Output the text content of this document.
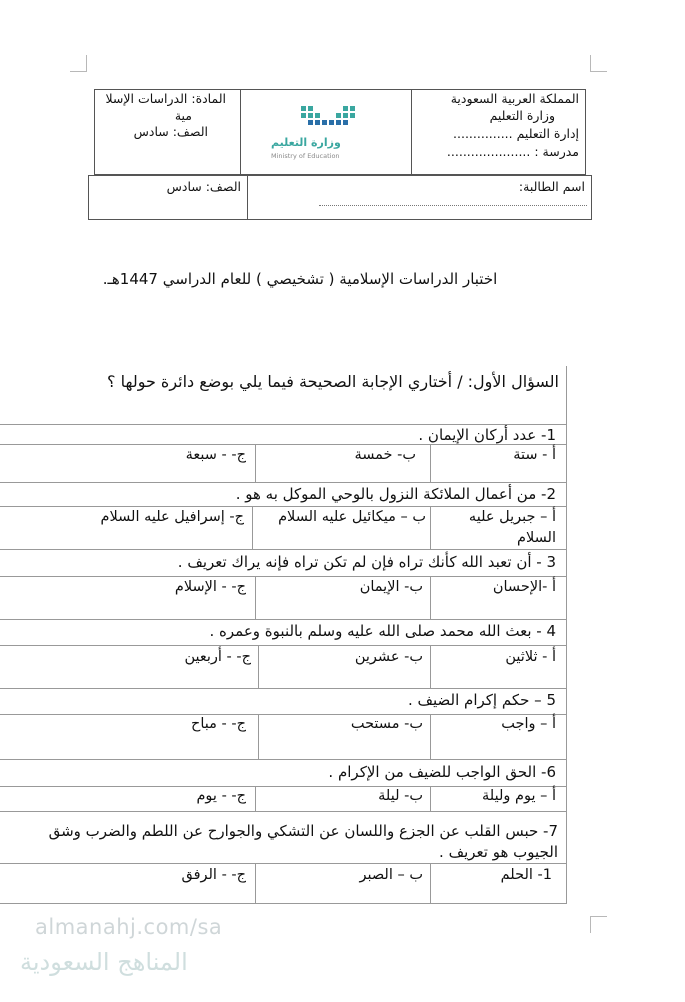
المادة: الدراسات الإسلا
مية
الصف: سادس
وزارة التعليم
Ministry of Education
المملكة العربية السعودية
وزارة التعليم
إدارة التعليم ...............
مدرسة : .....................
الصف: سادس	اسم الطالبة:
اختبار الدراسات الإسلامية ( تشخيصي ) للعام الدراسي 1447هـ.
السؤال الأول: / أختاري الإجابة الصحيحة فيما يلي بوضع دائرة حولها ؟
1- عدد أركان الإيمان .
أ - ستة
ب- خمسة
ج- - سبعة
2- من أعمال الملائكة النزول بالوحي الموكل به هو .
أ – جبريل عليه
ب – ميكائيل عليه السلام
ج- إسرافيل عليه السلام
السلام
3 - أن تعبد الله كأنك تراه فإن لم تكن تراه فإنه يراك تعريف .
أ -الإحسان
ب- الإيمان
ج- - الإسلام
4 - بعث الله محمد صلى الله عليه وسلم بالنبوة وعمره .
أ - ثلاثين
ب- عشرين
ج- - أربعين
5 – حكم إكرام الضيف .
أ – واجب
ب- مستحب
ج- - مباح
6- الحق الواجب للضيف من الإكرام .
أ – يوم وليلة
ب- ليلة
ج- - يوم
7- حبس القلب عن الجزع واللسان عن التشكي والجوارح عن اللطم والضرب وشق
الجيوب هو تعريف .
1- الحلم
ب – الصبر
ج- - الرفق
almanahj.com/sa
المناهج السعودية
